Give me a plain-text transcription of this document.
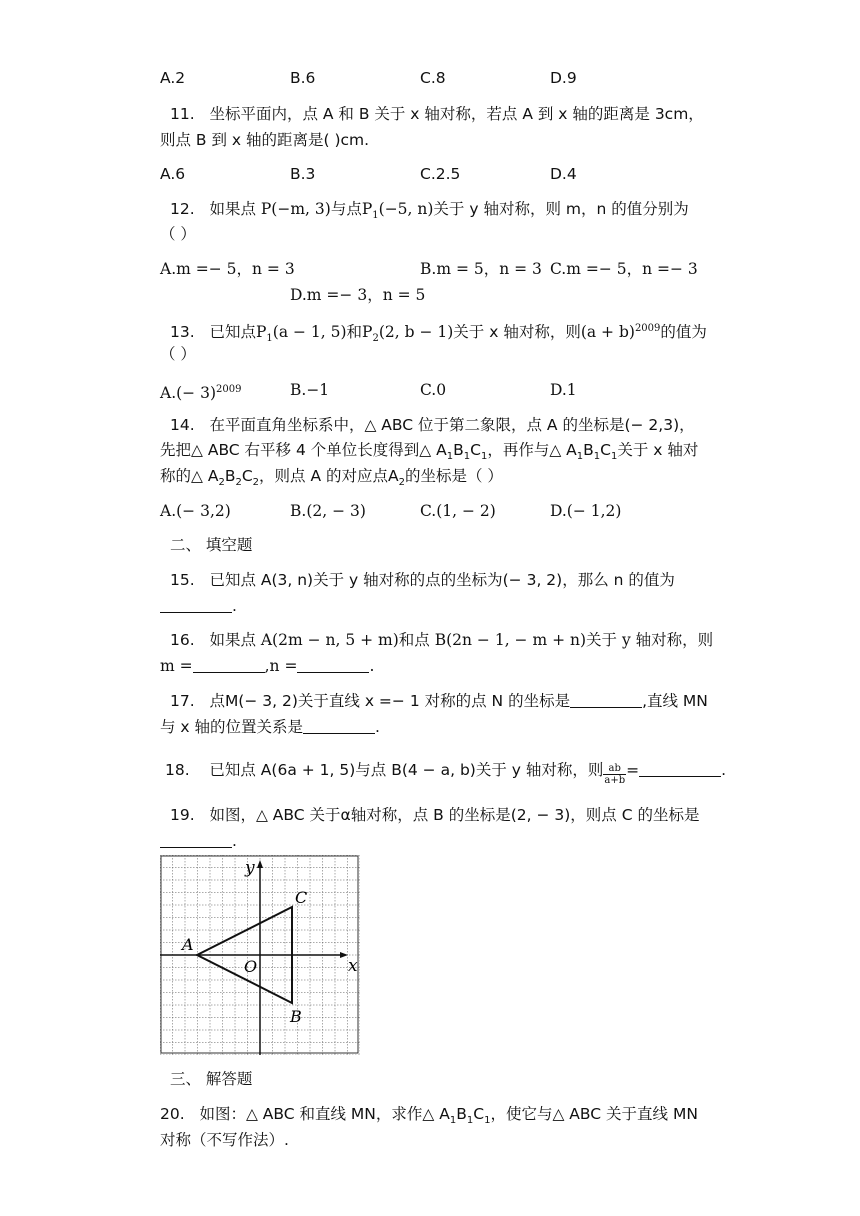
A.2	B.6	C.8	D.9
11. 坐标平面内，点 A 和 B 关于 x 轴对称，若点 A 到 x 轴的距离是 3cm，
则点 B 到 x 轴的距离是( )cm.
A.6	B.3	C.2.5	D.4
12. 如果点 P(−m, 3)与点$P_1(-5$, n)关于 y 轴对称，则 m，n 的值分别为
（ ）
A.m =− 5，n = 3	B.m = 5，n = 3 C.m =− 5，n =− 3
D.m =− 3，n = 5
13. 已知点$P_1(a - 1$, 5)和$P_2(2$, b − 1)关于 x 轴对称，则$(a + b)^{2009}$的值为
（ ）
$A.(- 3)^{2009}$	B.−1	C.0	D.1
14. 在平面直角坐标系中，△ ABC 位于第二象限，点 A 的坐标是(− 2,3)，
先把△ ABC 右平移 4 个单位长度得到△ $A_1B_1C_1$，再作与△ $A_1B_1C_1$关于 x 轴对
称的△ $A_2B_2C_2$，则点 A 的对应点$A_2$的坐标是（ ）
A.(− 3,2)	B.(2, − 3)	C.(1, − 2)	D.(− 1,2)
二、 填空题
15. 已知点 A(3, n)关于 y 轴对称的点的坐标为(− 3, 2)，那么 n 的值为
.
16. 如果点 A(2m − n, 5 + m)和点 B(2n − 1, − m + n)关于 y 轴对称，则
m =	,n =	.
17. 点M(− 3, 2)关于直线 x =− 1 对称的点 N 的坐标是	,直线 MN
与 x 轴的位置关系是	.
18. 已知点 A(6a + 1, 5)与点 B(4 − a, b)关于 y 轴对称，则 $\frac{ab}{a+b}$ =	.
19. 如图，△ ABC 关于α轴对称，点 B 的坐标是(2, − 3)，则点 C 的坐标是
.
x
y
O
A
C
B
三、 解答题
20. 如图：△ ABC 和直线 MN，求作△ $A_1B_1C_1$，使它与△ ABC 关于直线 MN
对称（不写作法）.
